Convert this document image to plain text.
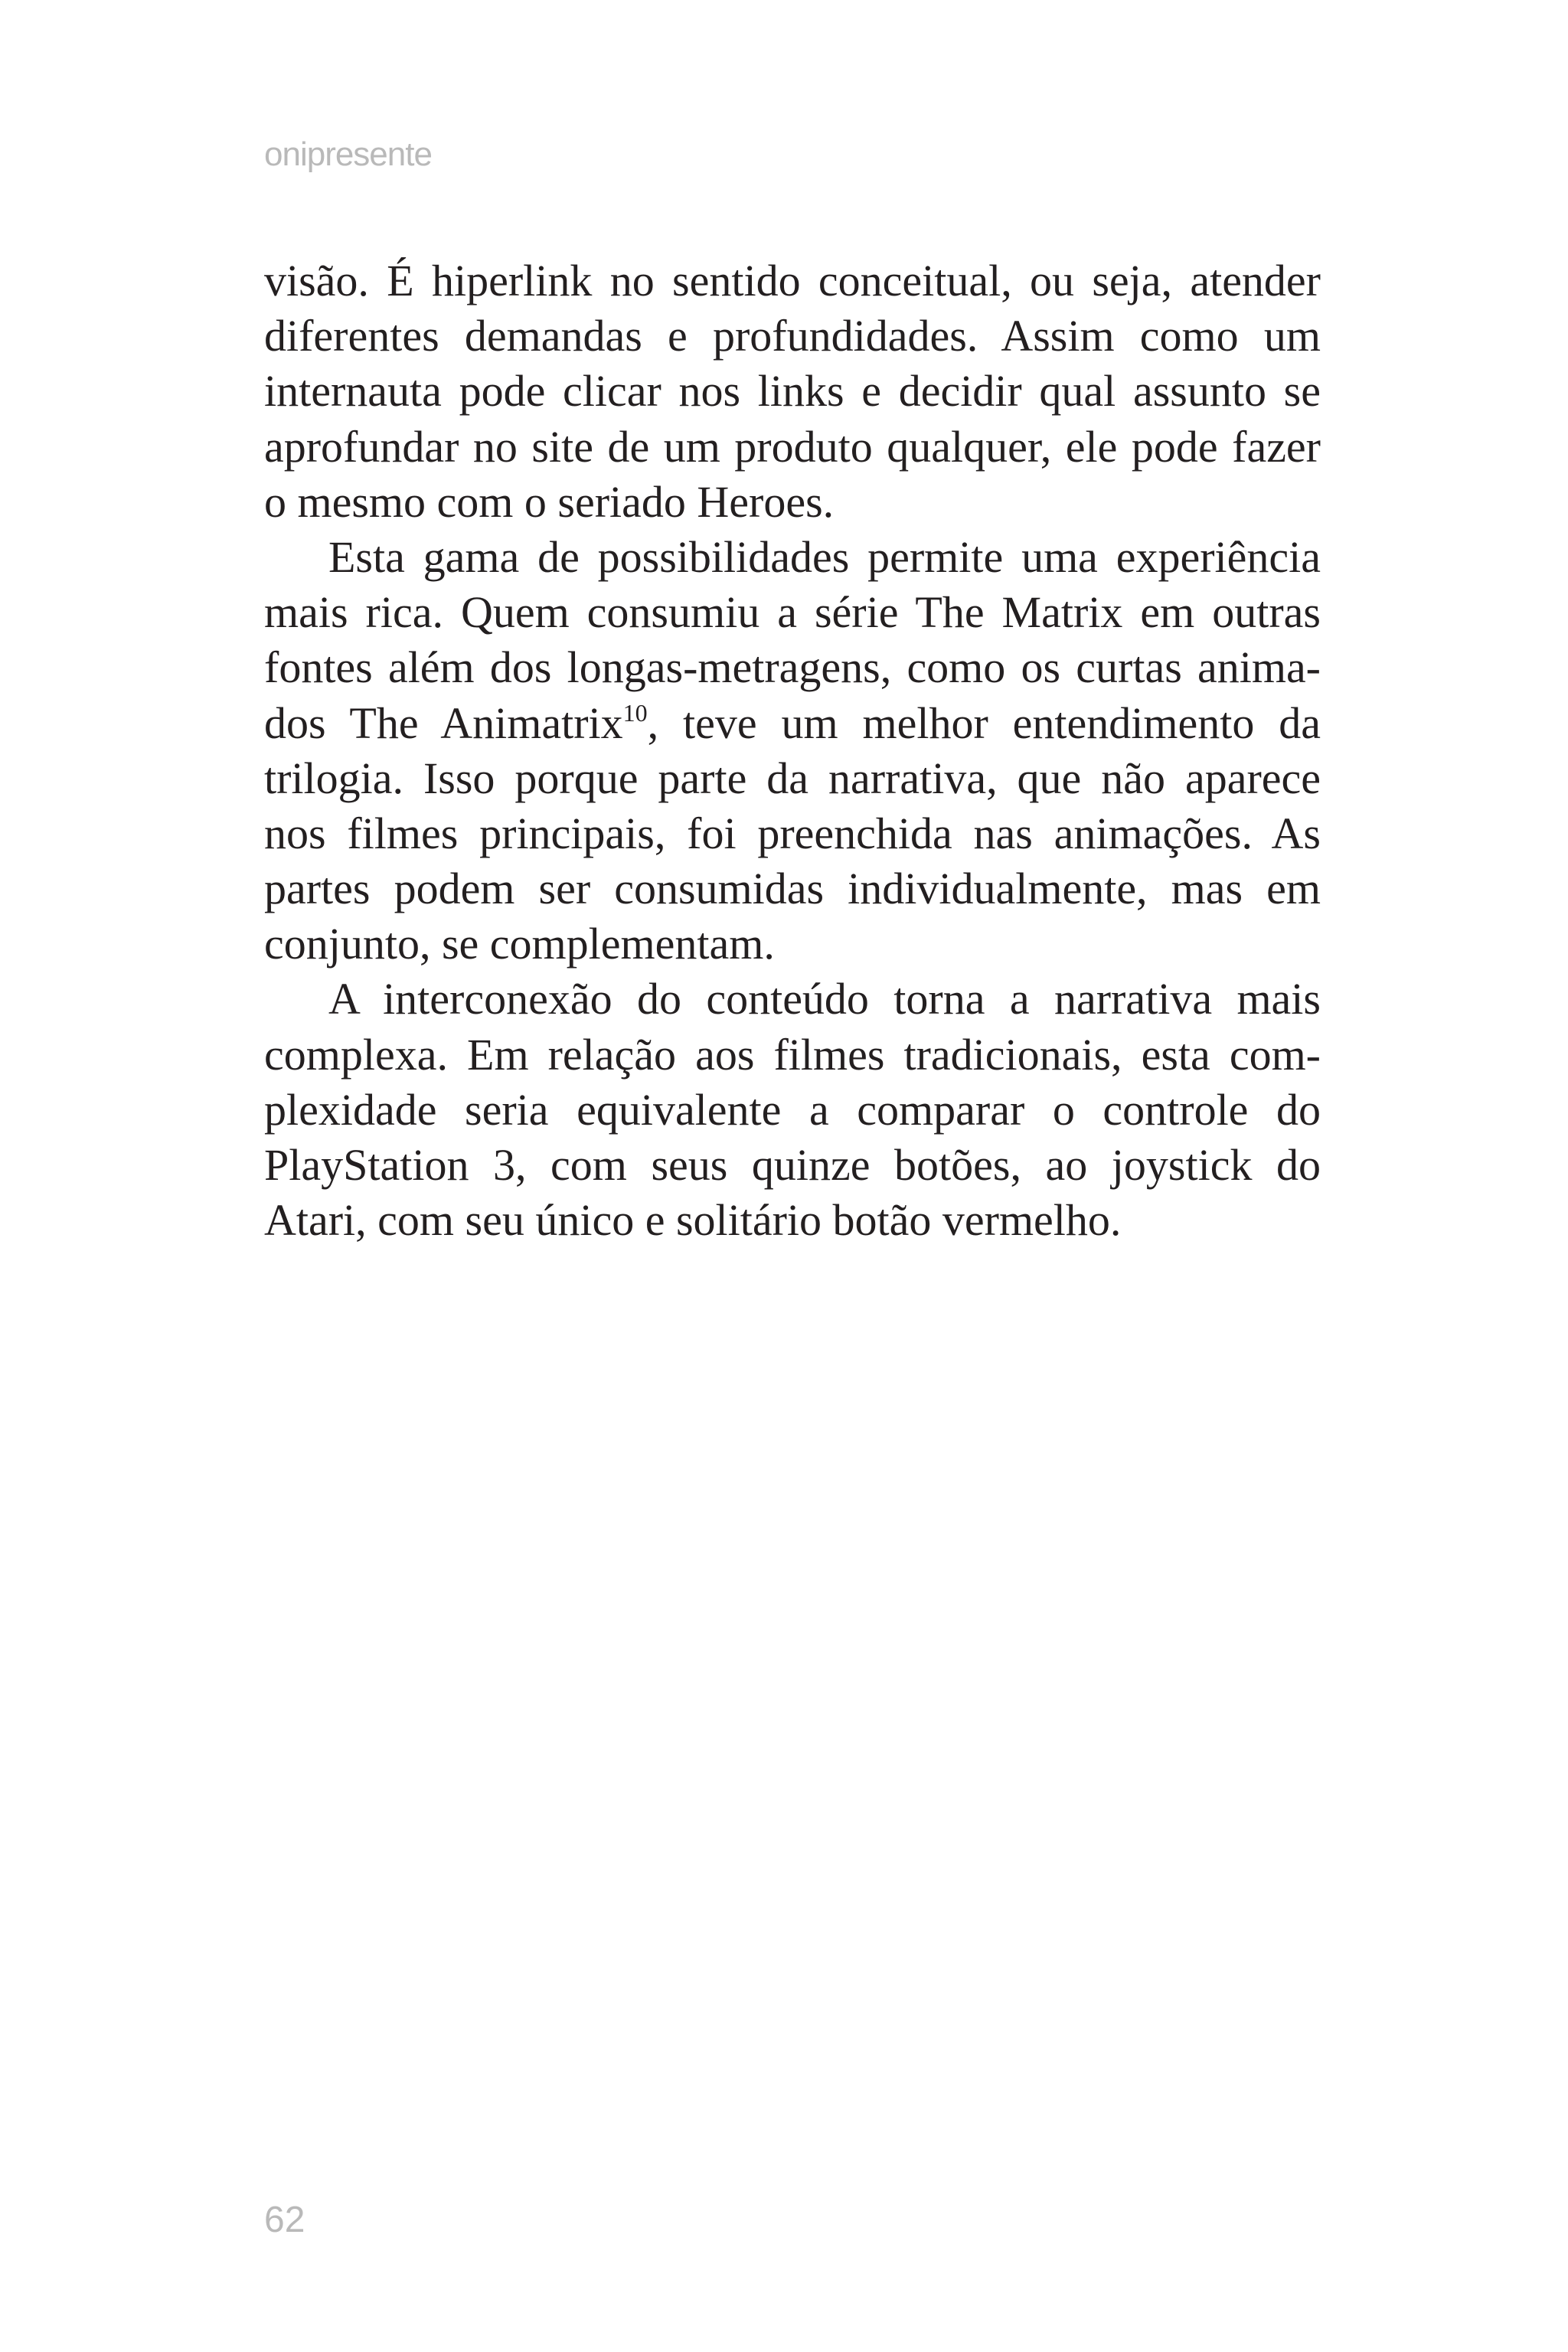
onipresente

visão. É hiperlink no sentido conceitual, ou seja, atender
diferentes demandas e profundidades. Assim como um
internauta pode clicar nos links e decidir qual assunto se
aprofundar no site de um produto qualquer, ele pode fazer
o mesmo com o seriado Heroes.

Esta gama de possibilidades permite uma experiência
mais rica. Quem consumiu a série The Matrix em outras
fontes além dos longas-metragens, como os curtas anima-
dos The Animatrix$^{10}$, teve um melhor entendimento da
trilogia. Isso porque parte da narrativa, que não aparece
nos filmes principais, foi preenchida nas animações. As
partes podem ser consumidas individualmente, mas em
conjunto, se complementam.

A interconexão do conteúdo torna a narrativa mais
complexa. Em relação aos filmes tradicionais, esta com-
plexidade seria equivalente a comparar o controle do
PlayStation 3, com seus quinze botões, ao joystick do
Atari, com seu único e solitário botão vermelho.

62
